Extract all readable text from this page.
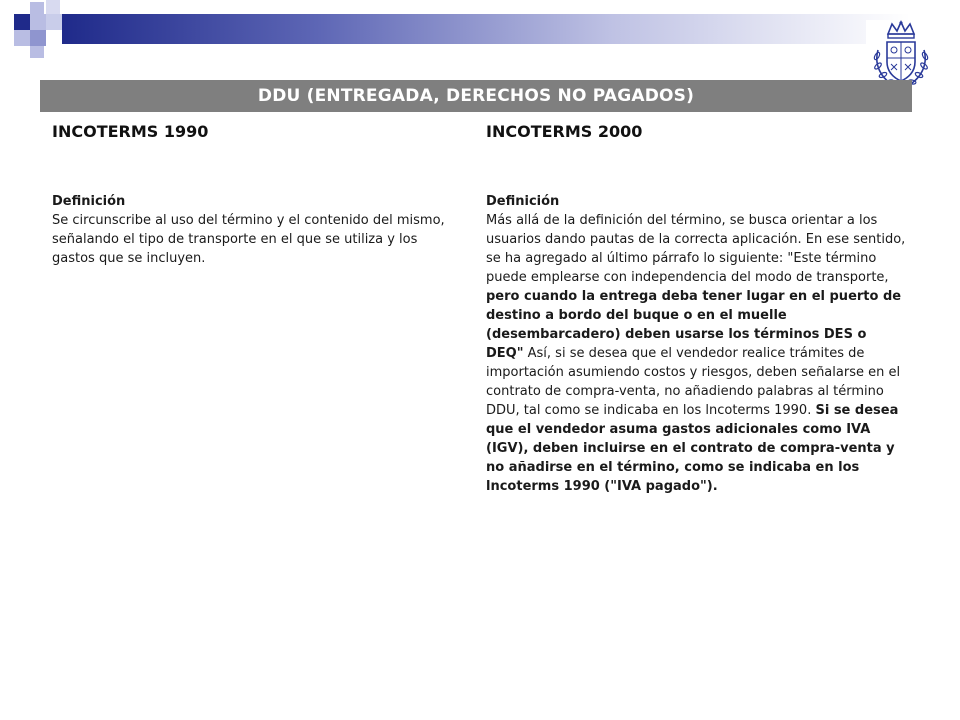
DDU (ENTREGADA, DERECHOS NO PAGADOS)

INCOTERMS 1990

Definición

Se circunscribe al uso del término y el contenido del mismo, señalando el tipo de transporte en el que se utiliza y los gastos que se incluyen.

INCOTERMS 2000

Definición

Más allá de la definición del término, se busca orientar a los usuarios dando pautas de la correcta aplicación. En ese sentido, se ha agregado al último párrafo lo siguiente: "Este término puede emplearse con independencia del modo de transporte, pero cuando la entrega deba tener lugar en el puerto de destino a bordo del buque o en el muelle (desembarcadero) deben usarse los términos DES o DEQ" Así, si se desea que el vendedor realice trámites de importación asumiendo costos y riesgos, deben señalarse en el contrato de compra-venta, no añadiendo palabras al término DDU, tal como se indicaba en los lncoterms 1990. Si se desea que el vendedor asuma gastos adicionales como IVA (IGV), deben incluirse en el contrato de compra-venta y no añadirse en el término, como se indicaba en los lncoterms 1990 ("IVA pagado").
